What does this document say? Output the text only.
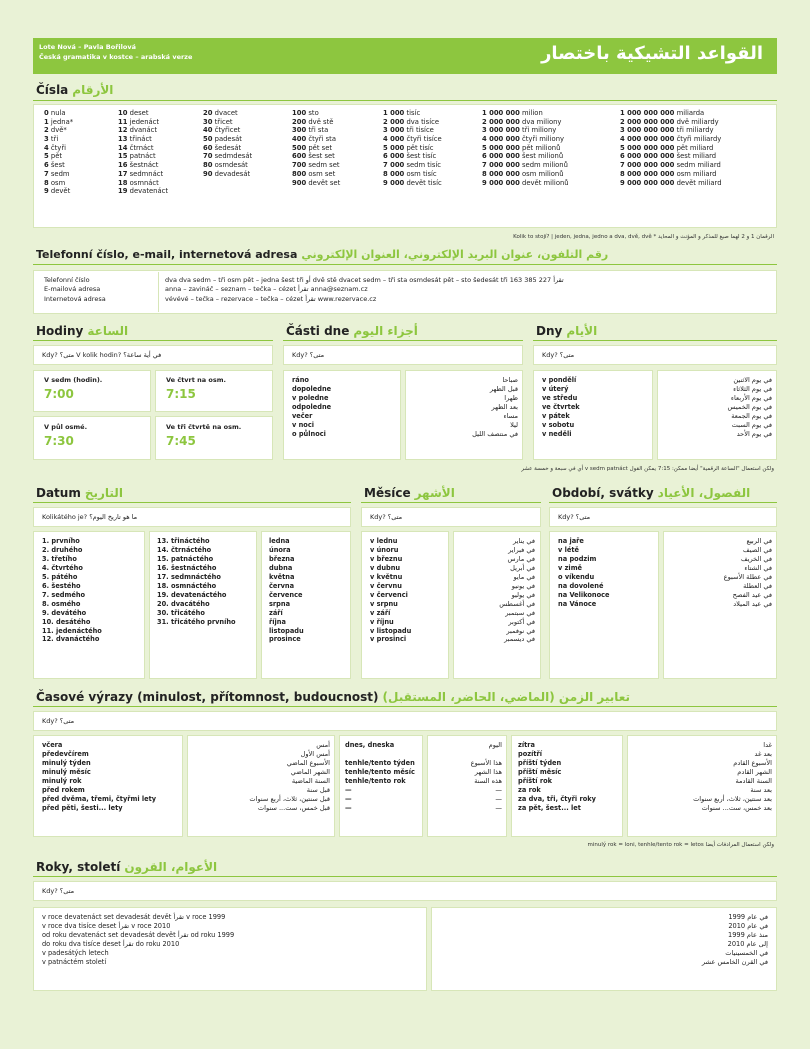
Lote Nová – Pavla Bořilová
Česká gramatika v kostce – arabská verze	القواعد التشيكية باختصار
Čísla الأرقام
0 nula
1 jedna*
2 dvě*
3 tři
4 čtyři
5 pět
6 šest
7 sedm
8 osm
9 devět
10 deset
11 jedenáct
12 dvanáct
13 třináct
14 čtrnáct
15 patnáct
16 šestnáct
17 sedmnáct
18 osmnáct
19 devatenáct
20 dvacet
30 třicet
40 čtyřicet
50 padesát
60 šedesát
70 sedmdesát
80 osmdesát
90 devadesát
100 sto
200 dvě stě
300 tři sta
400 čtyři sta
500 pět set
600 šest set
700 sedm set
800 osm set
900 devět set
1 000 tisíc
2 000 dva tisíce
3 000 tři tisíce
4 000 čtyři tisíce
5 000 pět tisíc
6 000 šest tisíc
7 000 sedm tisíc
8 000 osm tisíc
9 000 devět tisíc
1 000 000 milion
2 000 000 dva miliony
3 000 000 tři miliony
4 000 000 čtyři miliony
5 000 000 pět milionů
6 000 000 šest milionů
7 000 000 sedm milionů
8 000 000 osm milionů
9 000 000 devět milionů
1 000 000 000 miliarda
2 000 000 000 dvě miliardy
3 000 000 000 tři miliardy
4 000 000 000 čtyři miliardy
5 000 000 000 pět miliard
6 000 000 000 šest miliard
7 000 000 000 sedm miliard
8 000 000 000 osm miliard
9 000 000 000 devět miliard
Kolik to stojí? | jeden, jedna, jedno a dva, dvě, dvě * الرقمان 1 و 2 لهما صيغ للمذكر و المؤنث و المحايد
Telefonní číslo, e-mail, internetová adresa رقم التلفون، عنوان البريد الإلكتروني، العنوان الإلكتروني
Telefonní číslo
E-mailová adresa
Internetová adresa
dva dva sedm – tři osm pět – jedna šest tři أو dvě stě dvacet sedm – tři sta osmdesát pět – sto šedesát tři تقرأ 227 385 163
anna – zavináč – seznam – tečka – cézet تقرأ anna@seznam.cz
vévévé – tečka – rezervace – tečka – cézet تقرأ www.rezervace.cz
Hodiny الساعة
Kdy? متى؟ V kolik hodin? في أية ساعة؟
V sedm (hodin).
7:00
Ve čtvrt na osm.
7:15
V půl osmé.
7:30
Ve tři čtvrtě na osm.
7:45
Části dne أجزاء اليوم
Kdy? متى؟
ráno
dopoledne
v poledne
odpoledne
večer
v noci
o půlnoci
صباحا
قبل الظهر
ظهرا
بعد الظهر
مساء
ليلا
في منتصف الليل
Dny الأيام
Kdy? متى؟
v pondělí
v úterý
ve středu
ve čtvrtek
v pátek
v sobotu
v neděli
في يوم الاثنين
في يوم الثلاثاء
في يوم الأربعاء
في يوم الخميس
في يوم الجمعة
في يوم السبت
في يوم الأحد
ولكن استعمال "الساعة الرقمية" أيضا ممكن: 7:15 يمكن القول v sedm patnáct أي في سبعة و خمسة عشر
Datum التاريخ
Kolikátého je? ما هو تاريخ اليوم؟
1. prvního
2. druhého
3. třetího
4. čtvrtého
5. pátého
6. šestého
7. sedmého
8. osmého
9. devátého
10. desátého
11. jedenáctého
12. dvanáctého
13. třináctého
14. čtrnáctého
15. patnáctého
16. šestnáctého
17. sedmnáctého
18. osmnáctého
19. devatenáctého
20. dvacátého
30. třicátého
31. třicátého prvního
ledna
února
března
dubna
května
června
července
srpna
září
října
listopadu
prosince
Měsíce الأشهر
Kdy? متى؟
v lednu
v únoru
v březnu
v dubnu
v květnu
v červnu
v červenci
v srpnu
v září
v říjnu
v listopadu
v prosinci
في يناير
في فبراير
في مارس
في أبريل
في مايو
في يونيو
في يوليو
في أغسطس
في سبتمبر
في أكتوبر
في نوفمبر
في ديسمبر
Období, svátky الفصول، الأعياد
Kdy? متى؟
na jaře
v létě
na podzim
v zimě
o víkendu
na dovolené
na Velikonoce
na Vánoce
في الربيع
في الصيف
في الخريف
في الشتاء
في عطلة الأسبوع
في العطلة
في عيد الفصح
في عيد الميلاد
Časové výrazy (minulost, přítomnost, budoucnost) تعابير الزمن (الماضي، الحاضر، المستقبل)
Kdy? متى؟
včera
předevčírem
minulý týden
minulý měsíc
minulý rok
před rokem
před dvěma, třemi, čtyřmi lety
před pěti, šesti... lety
أمس
أمس الأول
الأسبوع الماضي
الشهر الماضي
السنة الماضية
قبل سنة
قبل سنتين، ثلاث، أربع سنوات
قبل خمس، ست... سنوات
dnes, dneska

tenhle/tento týden
tenhle/tento měsíc
tenhle/tento rok
—
—
—
اليوم

هذا الأسبوع
هذا الشهر
هذه السنة
—
—
—
zítra
pozítří
příští týden
příští měsíc
příští rok
za rok
za dva, tři, čtyři roky
za pět, šest... let
غدا
بعد غد
الأسبوع القادم
الشهر القادم
السنة القادمة
بعد سنة
بعد سنتين، ثلاث، أربع سنوات
بعد خمس، ست... سنوات
minulý rok = loni, tenhle/tento rok = letos ولكن استعمال المرادفات أيضا
Roky, století الأعوام، القرون
Kdy? متى؟
v roce devatenáct set devadesát devět تقرأ v roce 1999
v roce dva tisíce deset تقرأ v roce 2010
od roku devatenáct set devadesát devět تقرأ od roku 1999
do roku dva tisíce deset تقرأ do roku 2010
v padesátých letech
v patnáctém století
في عام 1999
في عام 2010
منذ عام 1999
إلى عام 2010
في الخمسينيات
في القرن الخامس عشر
